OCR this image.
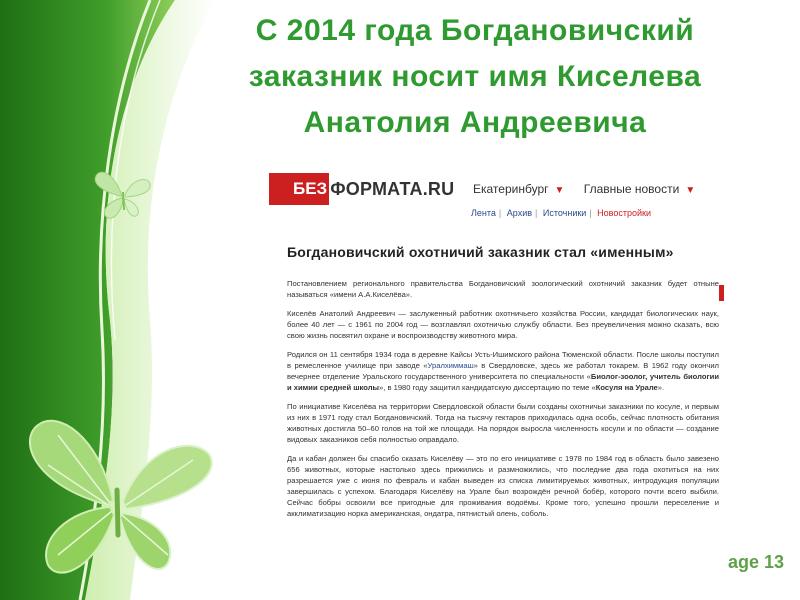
С 2014 года Богдановичский
заказник носит имя Киселева
Анатолия Андреевича
БЕЗ ФОРМАТА.RU Екатеринбург ▼ Главные новости ▼
Лента | Архив | Источники | Новостройки
Богдановичский охотничий заказник стал «именным»

Постановлением регионального правительства Богдановичский зоологический охотничий заказник будет отныне называться «имени А.А.Киселёва».

Киселёв Анатолий Андреевич — заслуженный работник охотничьего хозяйства России, кандидат биологических наук, более 40 лет — с 1961 по 2004 год — возглавлял охотничью службу области. Без преувеличения можно сказать, всю свою жизнь посвятил охране и воспроизводству животного мира.

Родился он 11 сентября 1934 года в деревне Кайсы Усть-Ишимского района Тюменской области. После школы поступил в ремесленное училище при заводе «Уралхиммаш» в Свердловске, здесь же работал токарем. В 1962 году окончил вечернее отделение Уральского государственного университета по специальности «Биолог-зоолог, учитель биологии и химии средней школы», в 1980 году защитил кандидатскую диссертацию по теме «Косуля на Урале».

По инициативе Киселёва на территории Свердловской области были созданы охотничьи заказники по косуле, и первым из них в 1971 году стал Богдановичский. Тогда на тысячу гектаров приходилась одна особь, сейчас плотность обитания животных достигла 50–60 голов на той же площади. На порядок выросла численность косули и по области — создание видовых заказников себя полностью оправдало.

Да и кабан должен бы спасибо сказать Киселёву — это по его инициативе с 1978 по 1984 год в область было завезено 656 животных, которые настолько здесь прижились и размножились, что последние два года охотиться на них разрешается уже с июня по февраль и кабан выведен из списка лимитируемых животных, интродукция популяции завершилась с успехом. Благодаря Киселёву на Урале был возрождён речной бобёр, которого почти всего выбили. Сейчас бобры освоили все пригодные для проживания водоёмы. Кроме того, успешно прошли переселение и акклиматизацию норка американская, ондатра, пятнистый олень, соболь.

age 13
